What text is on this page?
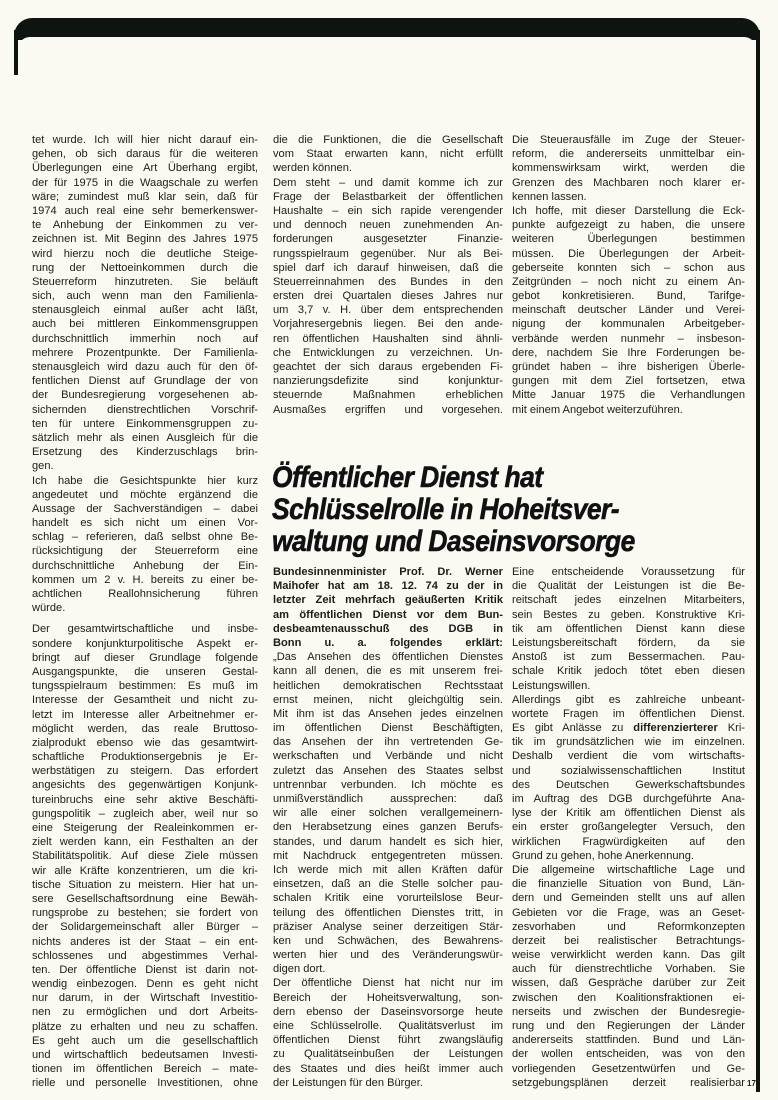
tet wurde. Ich will hier nicht darauf ein-
gehen, ob sich daraus für die weiteren
Überlegungen eine Art Überhang ergibt,
der für 1975 in die Waagschale zu werfen
wäre; zumindest muß klar sein, daß für
1974 auch real eine sehr bemerkenswer-
te Anhebung der Einkommen zu ver-
zeichnen ist. Mit Beginn des Jahres 1975
wird hierzu noch die deutliche Steige-
rung der Nettoeinkommen durch die
Steuerreform hinzutreten. Sie beläuft
sich, auch wenn man den Familienla-
stenausgleich einmal außer acht läßt,
auch bei mittleren Einkommensgruppen
durchschnittlich immerhin noch auf
mehrere Prozentpunkte. Der Familienla-
stenausgleich wird dazu auch für den öf-
fentlichen Dienst auf Grundlage der von
der Bundesregierung vorgesehenen ab-
sichernden dienstrechtlichen Vorschrif-
ten für untere Einkommensgruppen zu-
sätzlich mehr als einen Ausgleich für die
Ersetzung des Kinderzuschlags brin-
gen.
Ich habe die Gesichtspunkte hier kurz
angedeutet und möchte ergänzend die
Aussage der Sachverständigen – dabei
handelt es sich nicht um einen Vor-
schlag – referieren, daß selbst ohne Be-
rücksichtigung der Steuerreform eine
durchschnittliche Anhebung der Ein-
kommen um 2 v. H. bereits zu einer be-
achtlichen Reallohnsicherung führen
würde.
Der gesamtwirtschaftliche und insbe-
sondere konjunkturpolitische Aspekt er-
bringt auf dieser Grundlage folgende
Ausgangspunkte, die unseren Gestal-
tungsspielraum bestimmen: Es muß im
Interesse der Gesamtheit und nicht zu-
letzt im Interesse aller Arbeitnehmer er-
möglicht werden, das reale Bruttoso-
zialprodukt ebenso wie das gesamtwirt-
schaftliche Produktionsergebnis je Er-
werbstätigen zu steigern. Das erfordert
angesichts des gegenwärtigen Konjunk-
tureinbruchs eine sehr aktive Beschäfti-
gungspolitik – zugleich aber, weil nur so
eine Steigerung der Realeinkommen er-
zielt werden kann, ein Festhalten an der
Stabilitätspolitik. Auf diese Ziele müssen
wir alle Kräfte konzentrieren, um die kri-
tische Situation zu meistern. Hier hat un-
sere Gesellschaftsordnung eine Bewäh-
rungsprobe zu bestehen; sie fordert von
der Solidargemeinschaft aller Bürger –
nichts anderes ist der Staat – ein ent-
schlossenes und abgestimmes Verhal-
ten. Der öffentliche Dienst ist darin not-
wendig einbezogen. Denn es geht nicht
nur darum, in der Wirtschaft Investitio-
nen zu ermöglichen und dort Arbeits-
plätze zu erhalten und neu zu schaffen.
Es geht auch um die gesellschaftlich
und wirtschaftlich bedeutsamen Investi-
tionen im öffentlichen Bereich – mate-
rielle und personelle Investitionen, ohne
die die Funktionen, die die Gesellschaft
vom Staat erwarten kann, nicht erfüllt
werden können.
Dem steht – und damit komme ich zur
Frage der Belastbarkeit der öffentlichen
Haushalte – ein sich rapide verengender
und dennoch neuen zunehmenden An-
forderungen ausgesetzter Finanzie-
rungsspielraum gegenüber. Nur als Bei-
spiel darf ich darauf hinweisen, daß die
Steuerreinnahmen des Bundes in den
ersten drei Quartalen dieses Jahres nur
um 3,7 v. H. über dem entsprechenden
Vorjahresergebnis liegen. Bei den ande-
ren öffentlichen Haushalten sind ähnli-
che Entwicklungen zu verzeichnen. Un-
geachtet der sich daraus ergebenden Fi-
nanzierungsdefizite sind konjunktur-
steuernde Maßnahmen erheblichen
Ausmaßes ergriffen und vorgesehen.
Die Steuerausfälle im Zuge der Steuer-
reform, die andererseits unmittelbar ein-
kommenswirksam wirkt, werden die
Grenzen des Machbaren noch klarer er-
kennen lassen.
Ich hoffe, mit dieser Darstellung die Eck-
punkte aufgezeigt zu haben, die unsere
weiteren Überlegungen bestimmen
müssen. Die Überlegungen der Arbeit-
geberseite konnten sich – schon aus
Zeitgründen – noch nicht zu einem An-
gebot konkretisieren. Bund, Tarifge-
meinschaft deutscher Länder und Verei-
nigung der kommunalen Arbeitgeber-
verbände werden nunmehr – insbeson-
dere, nachdem Sie Ihre Forderungen be-
gründet haben – ihre bisherigen Überle-
gungen mit dem Ziel fortsetzen, etwa
Mitte Januar 1975 die Verhandlungen
mit einem Angebot weiterzuführen.
Öffentlicher Dienst hat
Schlüsselrolle in Hoheitsver-
waltung und Daseinsvorsorge
Bundesinnenminister Prof. Dr. Werner
Maihofer hat am 18. 12. 74 zu der in
letzter Zeit mehrfach geäußerten Kritik
am öffentlichen Dienst vor dem Bun-
desbeamtenausschuß des DGB in
Bonn u. a. folgendes erklärt:
„Das Ansehen des öffentlichen Dienstes
kann all denen, die es mit unserem frei-
heitlichen demokratischen Rechtsstaat
ernst meinen, nicht gleichgültig sein.
Mit ihm ist das Ansehen jedes einzelnen
im öffentlichen Dienst Beschäftigten,
das Ansehen der ihn vertretenden Ge-
werkschaften und Verbände und nicht
zuletzt das Ansehen des Staates selbst
untrennbar verbunden. Ich möchte es
unmißverständlich aussprechen: daß
wir alle einer solchen verallgemeinern-
den Herabsetzung eines ganzen Berufs-
standes, und darum handelt es sich hier,
mit Nachdruck entgegentreten müssen.
Ich werde mich mit allen Kräften dafür
einsetzen, daß an die Stelle solcher pau-
schalen Kritik eine vorurteilslose Beur-
teilung des öffentlichen Dienstes tritt, in
präziser Analyse seiner derzeitigen Stär-
ken und Schwächen, des Bewahrens-
werten hier und des Veränderungswür-
digen dort.
Der öffentliche Dienst hat nicht nur im
Bereich der Hoheitsverwaltung, son-
dern ebenso der Daseinsvorsorge heute
eine Schlüsselrolle. Qualitätsverlust im
öffentlichen Dienst führt zwangsläufig
zu Qualitätseinbußen der Leistungen
des Staates und dies heißt immer auch
der Leistungen für den Bürger.
Eine entscheidende Voraussetzung für
die Qualität der Leistungen ist die Be-
reitschaft jedes einzelnen Mitarbeiters,
sein Bestes zu geben. Konstruktive Kri-
tik am öffentlichen Dienst kann diese
Leistungsbereitschaft fördern, da sie
Anstoß ist zum Bessermachen. Pau-
schale Kritik jedoch tötet eben diesen
Leistungswillen.
Allerdings gibt es zahlreiche unbeant-
wortete Fragen im öffentlichen Dienst.
Es gibt Anlässe zu differenzierterer Kri-
tik im grundsätzlichen wie im einzelnen.
Deshalb verdient die vom wirtschafts-
und sozialwissenschaftlichen Institut
des Deutschen Gewerkschaftsbundes
im Auftrag des DGB durchgeführte Ana-
lyse der Kritik am öffentlichen Dienst als
ein erster großangelegter Versuch, den
wirklichen Fragwürdigkeiten auf den
Grund zu gehen, hohe Anerkennung.
Die allgemeine wirtschaftliche Lage und
die finanzielle Situation von Bund, Län-
dern und Gemeinden stellt uns auf allen
Gebieten vor die Frage, was an Geset-
zesvorhaben und Reformkonzepten
derzeit bei realistischer Betrachtungs-
weise verwirklicht werden kann. Das gilt
auch für dienstrechtliche Vorhaben. Sie
wissen, daß Gespräche darüber zur Zeit
zwischen den Koalitionsfraktionen ei-
nerseits und zwischen der Bundesregie-
rung und den Regierungen der Länder
andererseits stattfinden. Bund und Län-
der wollen entscheiden, was von den
vorliegenden Gesetzentwürfen und Ge-
setzgebungsplänen derzeit realisierbar 17
